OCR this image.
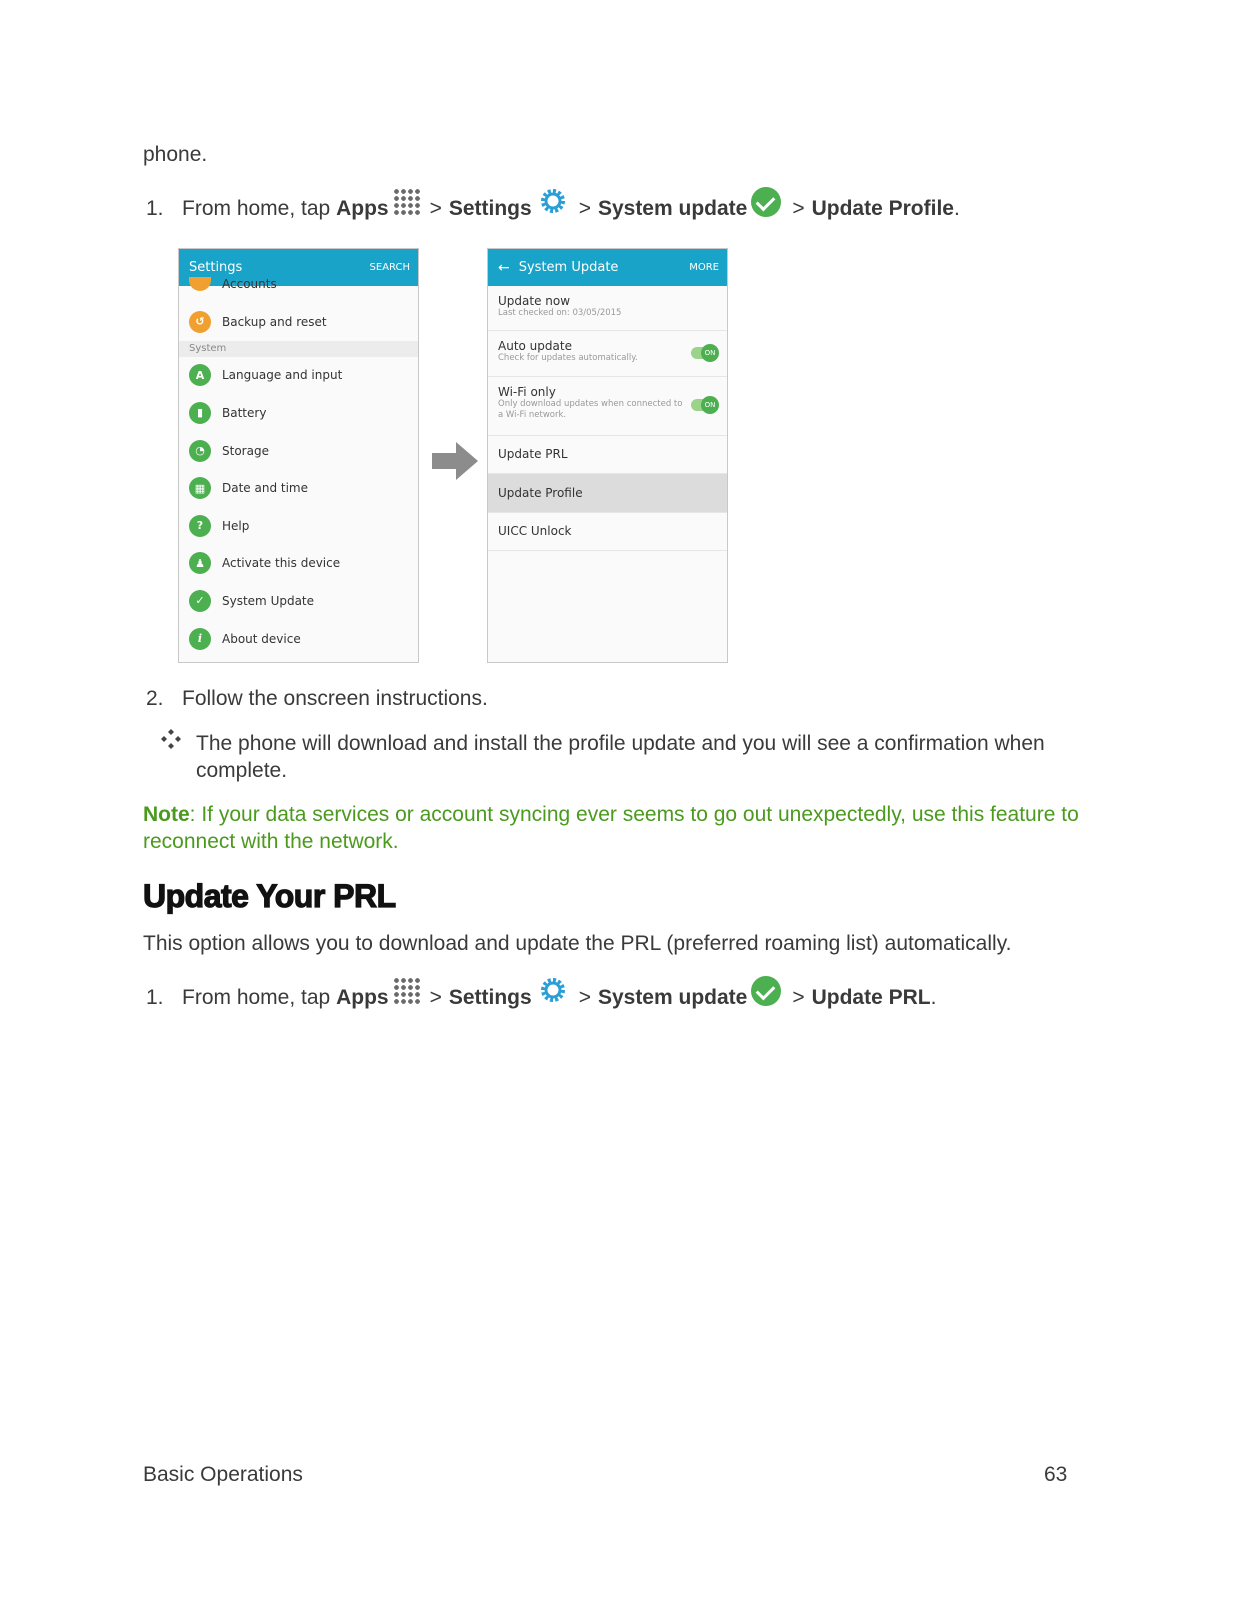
phone.
1. From home, tap
Apps > Settings > System update > Update Profile .
Settings	SEARCH
Accounts
↺	Backup and reset
System
A	Language and input
▮	Battery
◔	Storage
▦	Date and time
?	Help
♟	Activate this device
✓	System Update
i	About device
← System Update	MORE
Update now
Last checked on: 03/05/2015
Auto update
Check for updates automatically.
ON
Wi-Fi only
Only download updates when connected to a Wi-Fi network.
ON
Update PRL
Update Profile
UICC Unlock
2. Follow the onscreen instructions.
The phone will download and install the profile update and you will see a confirmation when complete.
Note: If your data services or account syncing ever seems to go out unexpectedly, use this feature to reconnect with the network.
Update Your PRL
This option allows you to download and update the PRL (preferred roaming list) automatically.
1. From home, tap
Apps > Settings > System update > Update PRL .
Basic Operations	63
